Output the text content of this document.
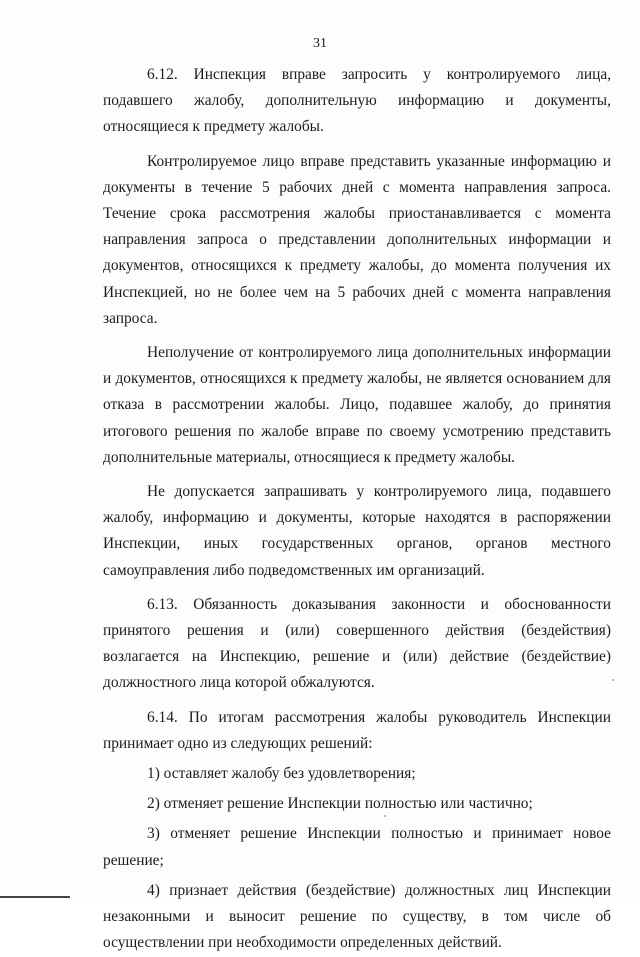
31

6.12. Инспекция вправе запросить у контролируемого лица, подавшего жалобу, дополнительную информацию и документы, относящиеся к предмету жалобы.

Контролируемое лицо вправе представить указанные информацию и документы в течение 5 рабочих дней с момента направления запроса. Течение срока рассмотрения жалобы приостанавливается с момента направления запроса о представлении дополнительных информации и документов, относящихся к предмету жалобы, до момента получения их Инспекцией, но не более чем на 5 рабочих дней с момента направления запроса.

Неполучение от контролируемого лица дополнительных информации и документов, относящихся к предмету жалобы, не является основанием для отказа в рассмотрении жалобы. Лицо, подавшее жалобу, до принятия итогового решения по жалобе вправе по своему усмотрению представить дополнительные материалы, относящиеся к предмету жалобы.

Не допускается запрашивать у контролируемого лица, подавшего жалобу, информацию и документы, которые находятся в распоряжении Инспекции, иных государственных органов, органов местного самоуправления либо подведомственных им организаций.

6.13. Обязанность доказывания законности и обоснованности принятого решения и (или) совершенного действия (бездействия) возлагается на Инспекцию, решение и (или) действие (бездействие) должностного лица которой обжалуются.

6.14. По итогам рассмотрения жалобы руководитель Инспекции принимает одно из следующих решений:

1) оставляет жалобу без удовлетворения;

2) отменяет решение Инспекции полностью или частично;

3) отменяет решение Инспекции полностью и принимает новое решение;

4) признает действия (бездействие) должностных лиц Инспекции незаконными и выносит решение по существу, в том числе об осуществлении при необходимости определенных действий.
